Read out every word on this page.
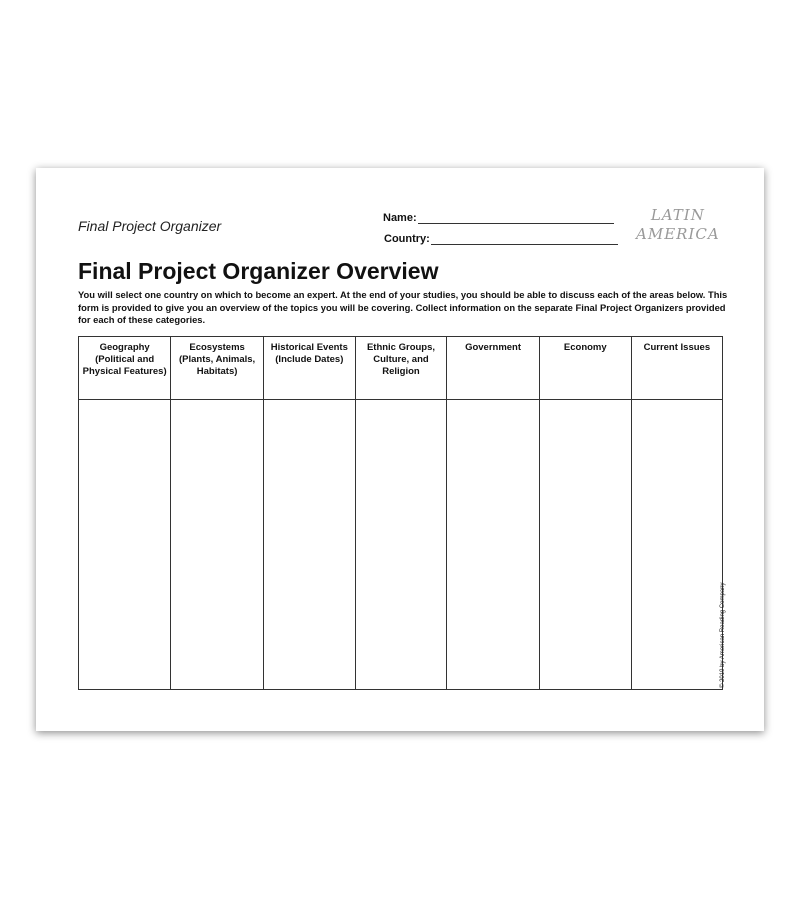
Final Project Organizer	Name:
Country:
LATIN
AMERICA
Final Project Organizer Overview
You will select one country on which to become an expert. At the end of your studies, you should be able to discuss each of the areas below. This form is provided to give you an overview of the topics you will be covering. Collect information on the separate Final Project Organizers provided for each of these categories.
Geography (Political and Physical Features)	Ecosystems (Plants, Animals, Habitats)	Historical Events (Include Dates)	Ethnic Groups, Culture, and Religion	Government	Economy	Current Issues

© 2019 by American Reading Company
